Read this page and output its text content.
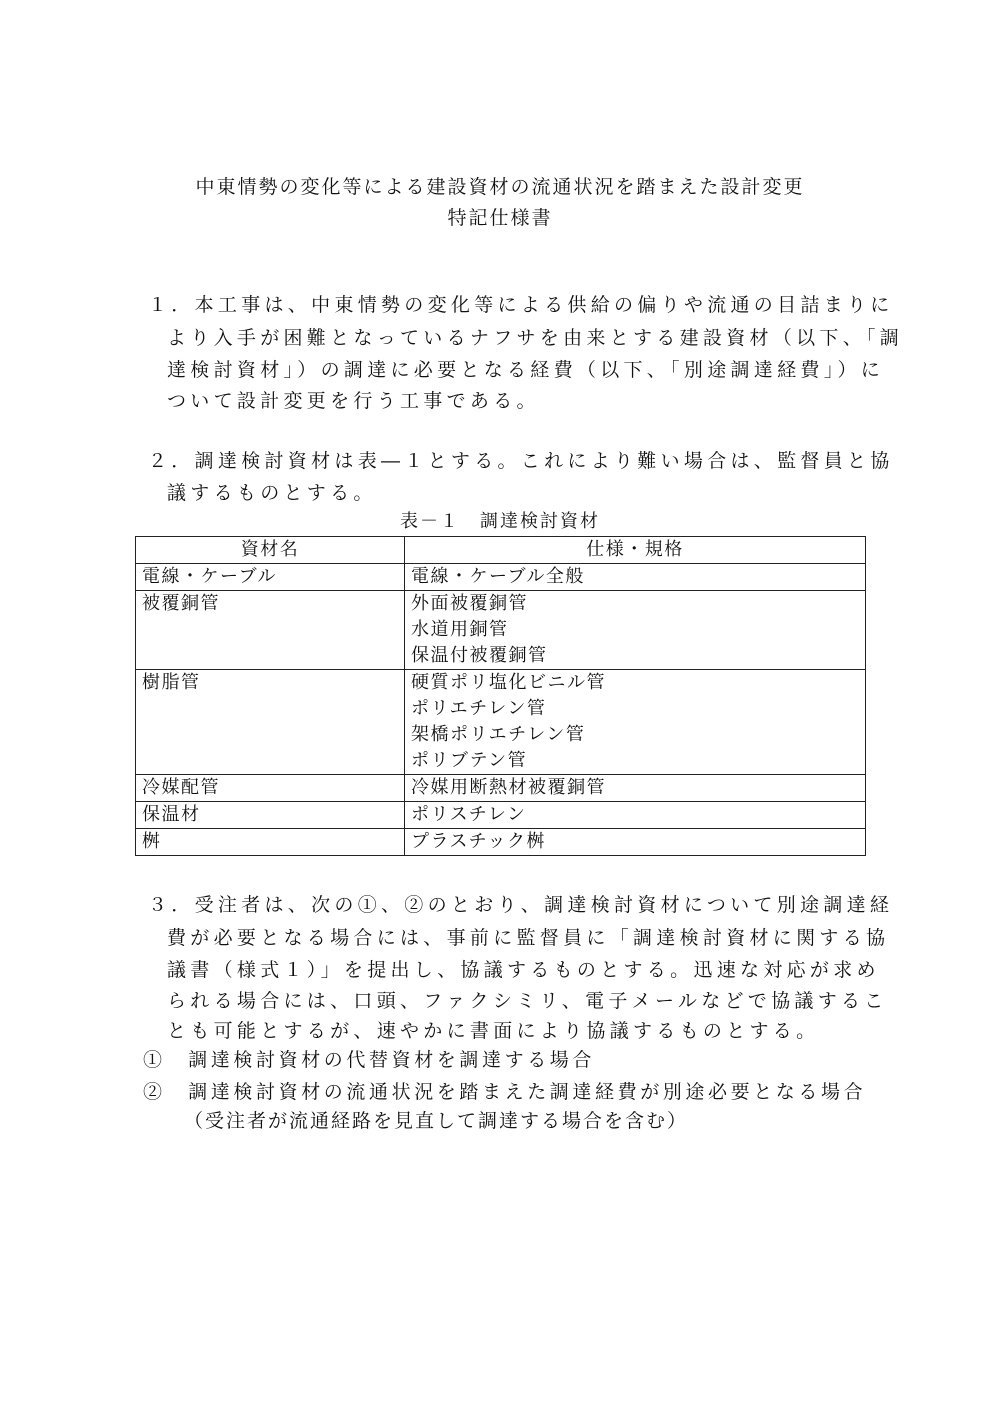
中東情勢の変化等による建設資材の流通状況を踏まえた設計変更
特記仕様書
１．本工事は、中東情勢の変化等による供給の偏りや流通の目詰まりに
より入手が困難となっているナフサを由来とする建設資材（以下、「調
達検討資材」）の調達に必要となる経費（以下、「別途調達経費」）に
ついて設計変更を行う工事である。
２．調達検討資材は表―１とする。これにより難い場合は、監督員と協
議するものとする。
表－１　調達検討資材
資材名	仕様・規格
電線・ケーブル	電線・ケーブル全般

被覆銅管	外面被覆銅管
水道用銅管
保温付被覆銅管

樹脂管	硬質ポリ塩化ビニル管
ポリエチレン管
架橋ポリエチレン管
ポリブテン管

冷媒配管	冷媒用断熱材被覆銅管

保温材	ポリスチレン

桝	プラスチック桝
３．受注者は、次の①、②のとおり、調達検討資材について別途調達経
費が必要となる場合には、事前に監督員に「調達検討資材に関する協
議書（様式１）」を提出し、協議するものとする。迅速な対応が求め
られる場合には、口頭、ファクシミリ、電子メールなどで協議するこ
とも可能とするが、速やかに書面により協議するものとする。
①　調達検討資材の代替資材を調達する場合
②　調達検討資材の流通状況を踏まえた調達経費が別途必要となる場合
（受注者が流通経路を見直して調達する場合を含む）
